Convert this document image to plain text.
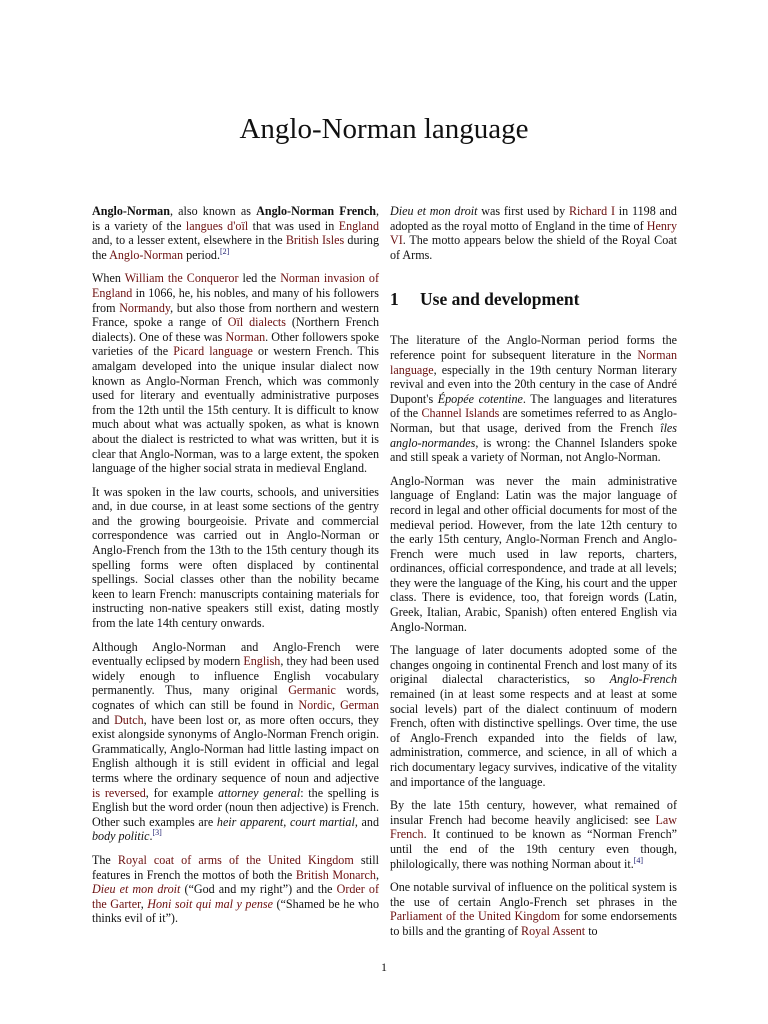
Anglo-Norman language

Anglo-Norman, also known as Anglo-Norman French, is a variety of the langues d'oïl that was used in England and, to a lesser extent, elsewhere in the British Isles during the Anglo-Norman period.[2]

When William the Conqueror led the Norman invasion of England in 1066, he, his nobles, and many of his followers from Normandy, but also those from northern and western France, spoke a range of Oïl dialects (Northern French dialects). One of these was Norman. Other followers spoke varieties of the Picard language or western French. This amalgam developed into the unique insular dialect now known as Anglo-Norman French, which was commonly used for literary and eventually administrative purposes from the 12th until the 15th century. It is difficult to know much about what was actually spoken, as what is known about the dialect is restricted to what was written, but it is clear that Anglo-Norman, was to a large extent, the spoken language of the higher social strata in medieval England.

It was spoken in the law courts, schools, and universities and, in due course, in at least some sections of the gentry and the growing bourgeoisie. Private and commercial correspondence was carried out in Anglo-Norman or Anglo-French from the 13th to the 15th century though its spelling forms were often displaced by continental spellings. Social classes other than the nobility became keen to learn French: manuscripts containing materials for instructing non-native speakers still exist, dating mostly from the late 14th century onwards.

Although Anglo-Norman and Anglo-French were eventually eclipsed by modern English, they had been used widely enough to influence English vocabulary permanently. Thus, many original Germanic words, cognates of which can still be found in Nordic, German and Dutch, have been lost or, as more often occurs, they exist alongside synonyms of Anglo-Norman French origin. Grammatically, Anglo-Norman had little lasting impact on English although it is still evident in official and legal terms where the ordinary sequence of noun and adjective is reversed, for example attorney general: the spelling is English but the word order (noun then adjective) is French. Other such examples are heir apparent, court martial, and body politic.[3]

The Royal coat of arms of the United Kingdom still features in French the mottos of both the British Monarch, Dieu et mon droit (“God and my right”) and the Order of the Garter, Honi soit qui mal y pense (“Shamed be he who thinks evil of it”).

Dieu et mon droit was first used by Richard I in 1198 and adopted as the royal motto of England in the time of Henry VI. The motto appears below the shield of the Royal Coat of Arms.

1 Use and development

The literature of the Anglo-Norman period forms the reference point for subsequent literature in the Norman language, especially in the 19th century Norman literary revival and even into the 20th century in the case of André Dupont's Épopée cotentine. The languages and literatures of the Channel Islands are sometimes referred to as Anglo-Norman, but that usage, derived from the French îles anglo-normandes, is wrong: the Channel Islanders spoke and still speak a variety of Norman, not Anglo-Norman.

Anglo-Norman was never the main administrative language of England: Latin was the major language of record in legal and other official documents for most of the medieval period. However, from the late 12th century to the early 15th century, Anglo-Norman French and Anglo-French were much used in law reports, charters, ordinances, official correspondence, and trade at all levels; they were the language of the King, his court and the upper class. There is evidence, too, that foreign words (Latin, Greek, Italian, Arabic, Spanish) often entered English via Anglo-Norman.

The language of later documents adopted some of the changes ongoing in continental French and lost many of its original dialectal characteristics, so Anglo-French remained (in at least some respects and at least at some social levels) part of the dialect continuum of modern French, often with distinctive spellings. Over time, the use of Anglo-French expanded into the fields of law, administration, commerce, and science, in all of which a rich documentary legacy survives, indicative of the vitality and importance of the language.

By the late 15th century, however, what remained of insular French had become heavily anglicised: see Law French. It continued to be known as “Norman French” until the end of the 19th century even though, philologically, there was nothing Norman about it.[4]

One notable survival of influence on the political system is the use of certain Anglo-French set phrases in the Parliament of the United Kingdom for some endorsements to bills and the granting of Royal Assent to

1
